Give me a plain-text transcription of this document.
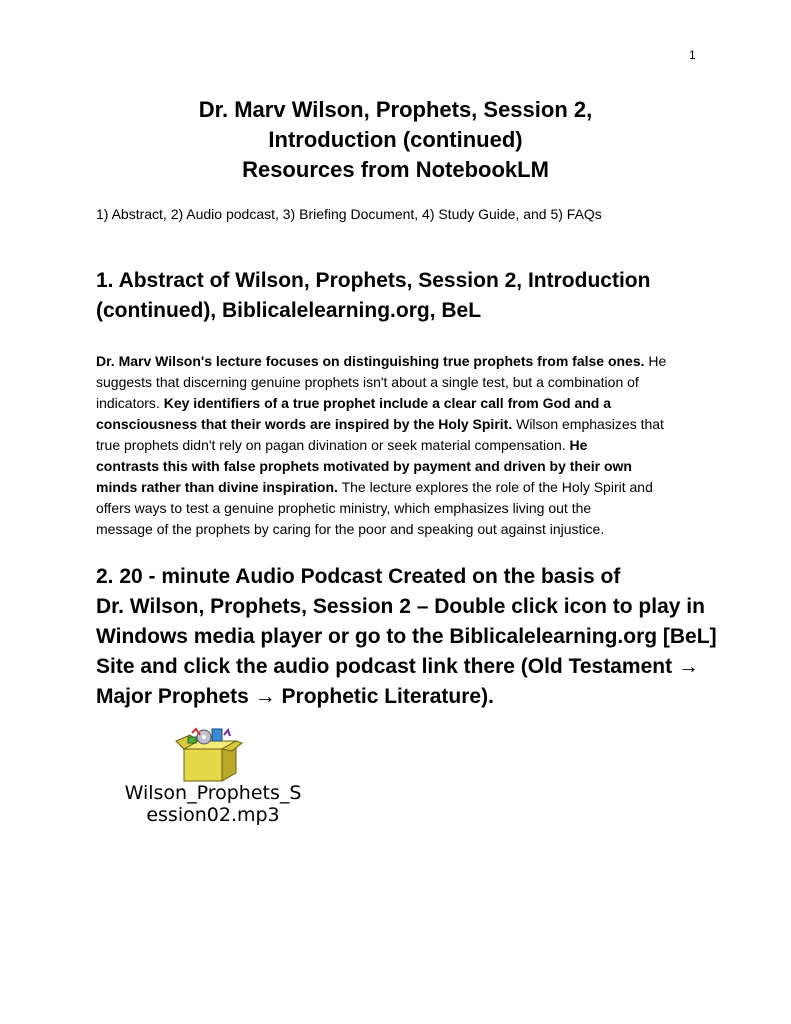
1
Dr. Marv Wilson, Prophets, Session 2,
Introduction (continued)
Resources from NotebookLM
1) Abstract, 2) Audio podcast, 3) Briefing Document, 4) Study Guide, and 5) FAQs
1. Abstract of Wilson, Prophets, Session 2, Introduction
(continued), Biblicalelearning.org, BeL
Dr. Marv Wilson's lecture focuses on distinguishing true prophets from false ones. He
suggests that discerning genuine prophets isn't about a single test, but a combination of
indicators. Key identifiers of a true prophet include a clear call from God and a
consciousness that their words are inspired by the Holy Spirit. Wilson emphasizes that
true prophets didn't rely on pagan divination or seek material compensation. He
contrasts this with false prophets motivated by payment and driven by their own
minds rather than divine inspiration. The lecture explores the role of the Holy Spirit and
offers ways to test a genuine prophetic ministry, which emphasizes living out the
message of the prophets by caring for the poor and speaking out against injustice.
2. 20 - minute Audio Podcast Created on the basis of
Dr. Wilson, Prophets, Session 2 – Double click icon to play in
Windows media player or go to the Biblicalelearning.org [BeL]
Site and click the audio podcast link there (Old Testament →
Major Prophets → Prophetic Literature).
Wilson_Prophets_S
ession02.mp3
